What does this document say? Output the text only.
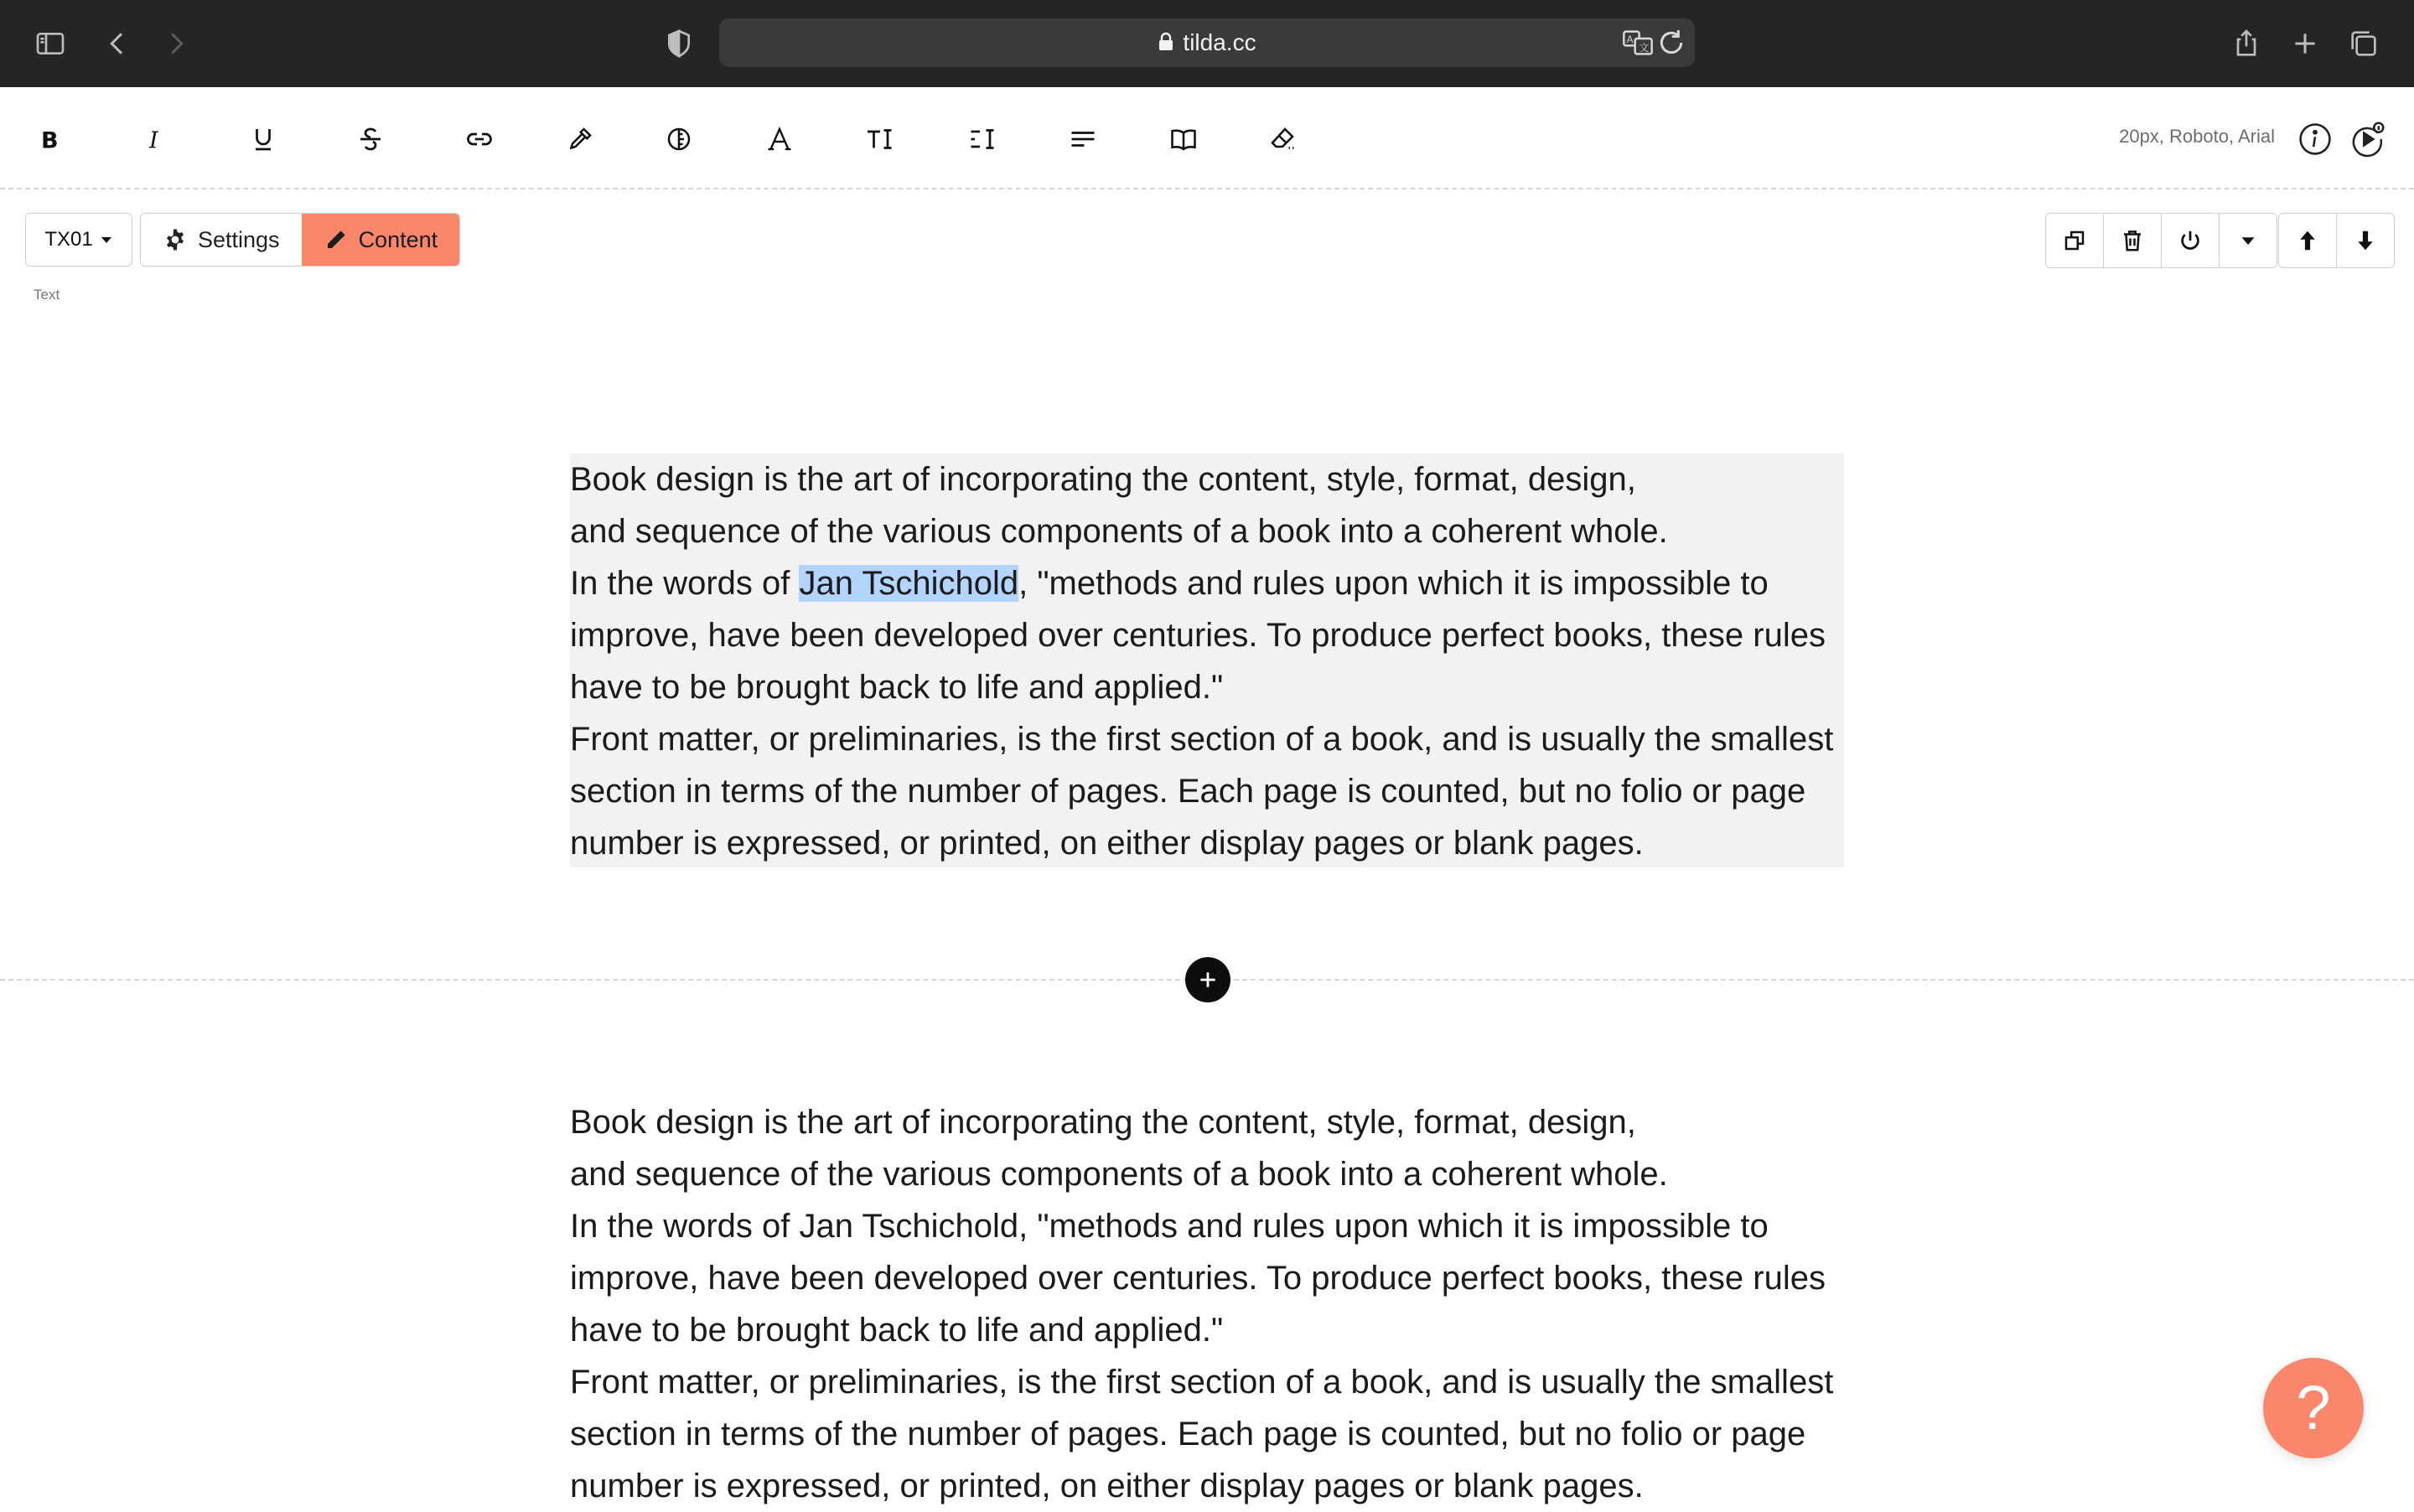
tilda.cc	A
文
B	I	20px, Roboto, Arial
TX01	Settings	Content
Text

Book design is the art of incorporating the content, style, format, design,
and sequence of the various components of a book into a coherent whole.
In the words of Jan Tschichold, "methods and rules upon which it is impossible to
improve, have been developed over centuries. To produce perfect books, these rules
have to be brought back to life and applied."
Front matter, or preliminaries, is the first section of a book, and is usually the smallest
section in terms of the number of pages. Each page is counted, but no folio or page
number is expressed, or printed, on either display pages or blank pages.

Book design is the art of incorporating the content, style, format, design,
and sequence of the various components of a book into a coherent whole.
In the words of Jan Tschichold, "methods and rules upon which it is impossible to
improve, have been developed over centuries. To produce perfect books, these rules
have to be brought back to life and applied."
Front matter, or preliminaries, is the first section of a book, and is usually the smallest
section in terms of the number of pages. Each page is counted, but no folio or page
number is expressed, or printed, on either display pages or blank pages.

?
